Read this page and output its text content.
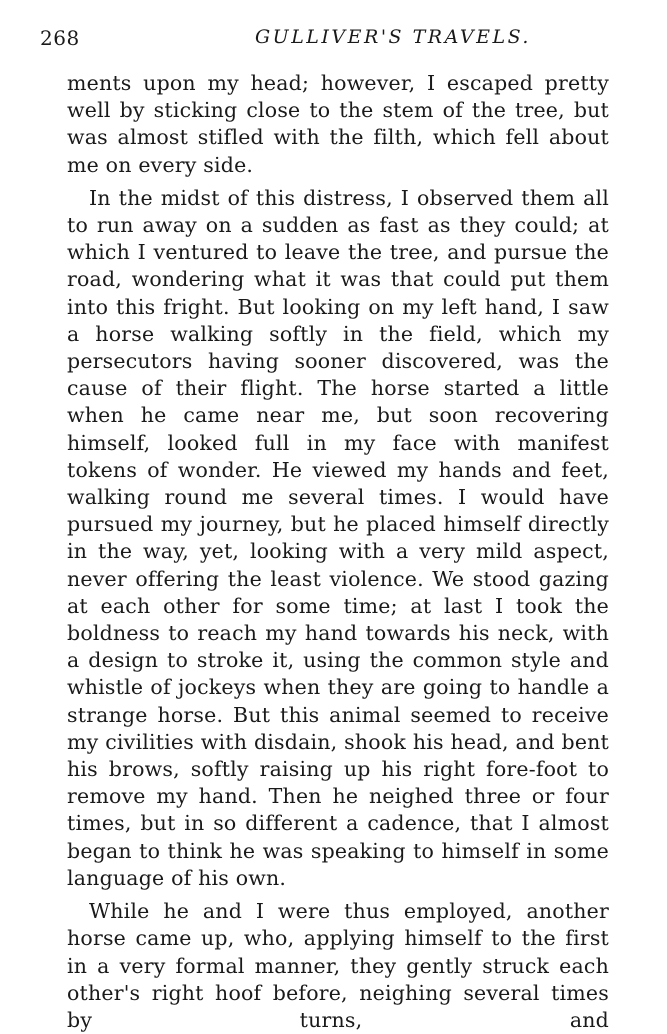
268	GULLIVER'S TRAVELS.

ments upon my head; however, I escaped pretty well by sticking close to the stem of the tree, but was almost stifled with the filth, which fell about me on every side.

In the midst of this distress, I observed them all to run away on a sudden as fast as they could; at which I ventured to leave the tree, and pursue the road, wondering what it was that could put them into this fright. But looking on my left hand, I saw a horse walking softly in the field, which my persecutors having sooner discovered, was the cause of their flight. The horse started a little when he came near me, but soon recovering himself, looked full in my face with manifest tokens of wonder. He viewed my hands and feet, walking round me several times. I would have pursued my journey, but he placed himself directly in the way, yet, looking with a very mild aspect, never offering the least violence. We stood gazing at each other for some time; at last I took the boldness to reach my hand towards his neck, with a design to stroke it, using the common style and whistle of jockeys when they are going to handle a strange horse. But this animal seemed to receive my civilities with disdain, shook his head, and bent his brows, softly raising up his right fore-foot to remove my hand. Then he neighed three or four times, but in so different a cadence, that I almost began to think he was speaking to himself in some language of his own.

While he and I were thus employed, another horse came up, who, applying himself to the first in a very formal manner, they gently struck each other's right hoof before, neighing several times by turns, and
